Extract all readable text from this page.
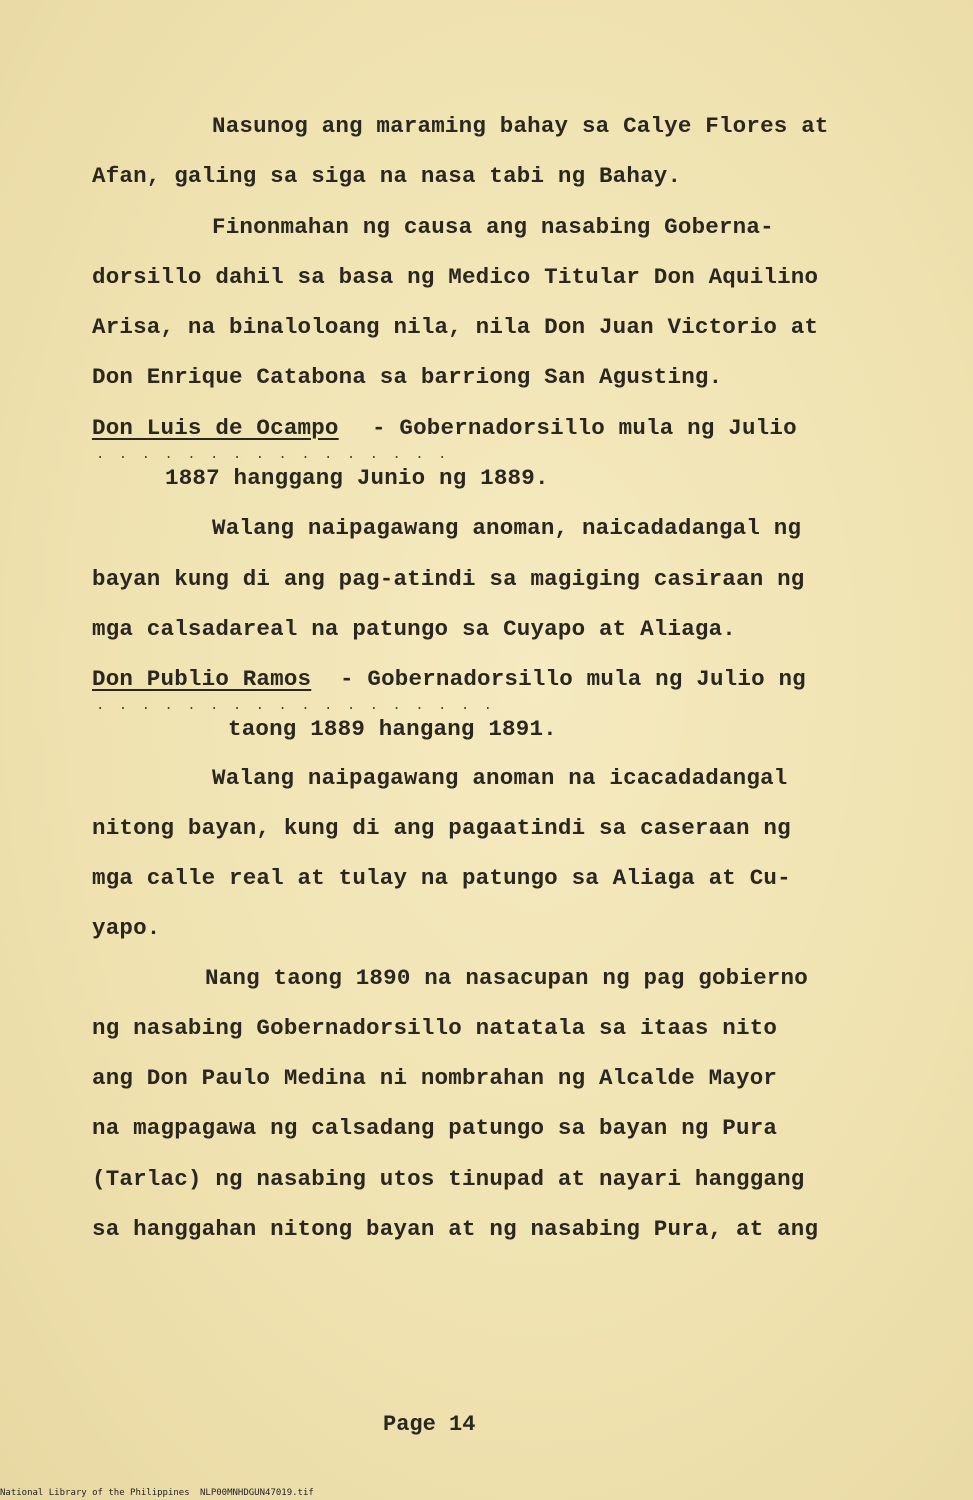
Nasunog ang maraming bahay sa Calye Flores at

Afan, galing sa siga na nasa tabi ng Bahay.

Finonmahan ng causa ang nasabing Goberna-

dorsillo dahil sa basa ng Medico Titular Don Aquilino

Arisa, na binaloloang nila, nila Don Juan Victorio at

Don Enrique Catabona sa barriong San Agusting.

Don Luis de Ocampo - Gobernadorsillo mula ng Julio

. . . . . . . . . . . . . . . .

1887 hanggang Junio ng 1889.

Walang naipagawang anoman, naicadadangal ng

bayan kung di ang pag-atindi sa magiging casiraan ng

mga calsadareal na patungo sa Cuyapo at Aliaga.

Don Publio Ramos - Gobernadorsillo mula ng Julio ng

. . . . . . . . . . . . . . . . . .

taong 1889 hangang 1891.

Walang naipagawang anoman na icacadadangal

nitong bayan, kung di ang pagaatindi sa caseraan ng

mga calle real at tulay na patungo sa Aliaga at Cu-

yapo.

Nang taong 1890 na nasacupan ng pag gobierno

ng nasabing Gobernadorsillo natatala sa itaas nito

ang Don Paulo Medina ni nombrahan ng Alcalde Mayor

na magpagawa ng calsadang patungo sa bayan ng Pura

(Tarlac) ng nasabing utos tinupad at nayari hanggang

sa hanggahan nitong bayan at ng nasabing Pura, at ang

Page 14

National Library of the Philippines NLP00MNHDGUN47019.tif
